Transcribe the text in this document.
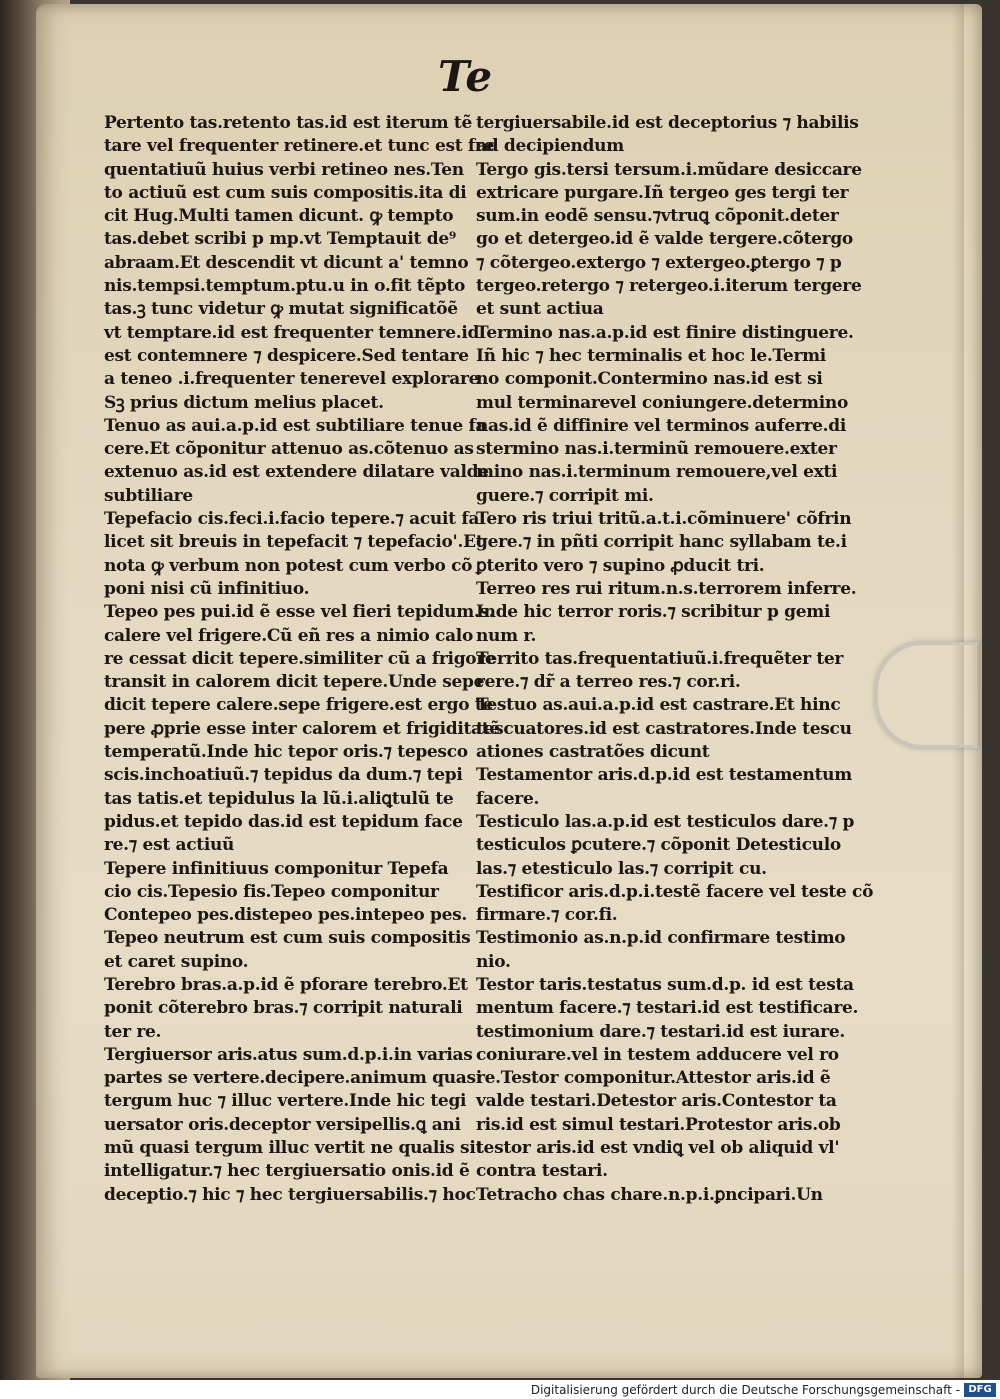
Te
Pertento tas.retento tas.id est iterum tẽ
tare vel frequenter retinere.et tunc est fre
quentatiuũ huius verbi retineo nes.Ten
to actiuũ est cum suis compositis.ita di
cit Hug.Multi tamen dicunt. ꝙ tempto
tas.debet scribi p mp.vt Temptauit de⁹
abraam.Et descendit vt dicunt a' temno
nis.tempsi.temptum.ptu.u in o.fit tẽpto
tas.ꝫ tunc videtur ꝙ mutat significatõẽ
vt temptare.id est frequenter temnere.id
est contemnere ⁊ despicere.Sed tentare
a teneo .i.frequenter tenerevel explorare
Sꝫ prius dictum melius placet.
Tenuo as aui.a.p.id est subtiliare tenue fa
cere.Et cõponitur attenuo as.cõtenuo as
extenuo as.id est extendere dilatare valde
subtiliare
Tepefacio cis.feci.i.facio tepere.⁊ acuit fa
licet sit breuis in tepefacit ⁊ tepefacio'.Et
nota ꝙ verbum non potest cum verbo cõ
poni nisi cũ infinitiuo.
Tepeo pes pui.id ẽ esse vel fieri tepidum.s.
calere vel frigere.Cũ eñ res a nimio calo
re cessat dicit tepere.similiter cũ a frigore
transit in calorem dicit tepere.Unde sepe
dicit tepere calere.sepe frigere.est ergo te
pere ꝓprie esse inter calorem et frigiditatẽ
temperatũ.Inde hic tepor oris.⁊ tepesco
scis.inchoatiuũ.⁊ tepidus da dum.⁊ tepi
tas tatis.et tepidulus la lũ.i.aliꝗtulũ te
pidus.et tepido das.id est tepidum face
re.⁊ est actiuũ
Tepere infinitiuus componitur Tepefa
cio cis.Tepesio fis.Tepeo componitur
Contepeo pes.distepeo pes.intepeo pes.
Tepeo neutrum est cum suis compositis
et caret supino.
Terebro bras.a.p.id ẽ pforare terebro.Et
ponit cõterebro bras.⁊ corripit naturali
ter re.
Tergiuersor aris.atus sum.d.p.i.in varias
partes se vertere.decipere.animum quasi
tergum huc ⁊ illuc vertere.Inde hic tegi
uersator oris.deceptor versipellis.ꝗ ani
mũ quasi tergum illuc vertit ne qualis sit
intelligatur.⁊ hec tergiuersatio onis.id ẽ
deceptio.⁊ hic ⁊ hec tergiuersabilis.⁊ hoc
tergiuersabile.id est deceptorius ⁊ habilis
ad decipiendum
Tergo gis.tersi tersum.i.mũdare desiccare
extricare purgare.Iñ tergeo ges tergi ter
sum.in eodẽ sensu.⁊vtruꝗ cõponit.deter
go et detergeo.id ẽ valde tergere.cõtergo
⁊ cõtergeo.extergo ⁊ extergeo.ꝑtergo ⁊ p
tergeo.retergo ⁊ retergeo.i.iterum tergere
et sunt actiua
Termino nas.a.p.id est finire distinguere.
Iñ hic ⁊ hec terminalis et hoc le.Termi
no componit.Contermino nas.id est si
mul terminarevel coniungere.determino
nas.id ẽ diffinire vel terminos auferre.di
stermino nas.i.terminũ remouere.exter
mino nas.i.terminum remouere,vel exti
guere.⁊ corripit mi.
Tero ris triui tritũ.a.t.i.cõminuere' cõfrin
gere.⁊ in pñti corripit hanc syllabam te.i
ꝑterito vero ⁊ supino ꝓducit tri.
Terreo res rui ritum.n.s.terrorem inferre.
Inde hic terror roris.⁊ scribitur p gemi
num r.
Territo tas.frequentatiuũ.i.frequẽter ter
rere.⁊ dr̃ a terreo res.⁊ cor.ri.
Testuo as.aui.a.p.id est castrare.Et hinc
tescuatores.id est castratores.Inde tescu
ationes castratões dicunt
Testamentor aris.d.p.id est testamentum
facere.
Testiculo las.a.p.id est testiculos dare.⁊ p
testiculos ꝑcutere.⁊ cõponit Detesticulo
las.⁊ etesticulo las.⁊ corripit cu.
Testificor aris.d.p.i.testẽ facere vel teste cõ
firmare.⁊ cor.fi.
Testimonio as.n.p.id confirmare testimo
nio.
Testor taris.testatus sum.d.p. id est testa
mentum facere.⁊ testari.id est testificare.
testimonium dare.⁊ testari.id est iurare.
coniurare.vel in testem adducere vel ro
re.Testor componitur.Attestor aris.id ẽ
valde testari.Detestor aris.Contestor ta
ris.id est simul testari.Protestor aris.ob
testor aris.id est vndiꝗ vel ob aliquid vl'
contra testari.
Tetracho chas chare.n.p.i.ꝑncipari.Un
Digitalisierung gefördert durch die Deutsche Forschungsgemeinschaft - DFG
